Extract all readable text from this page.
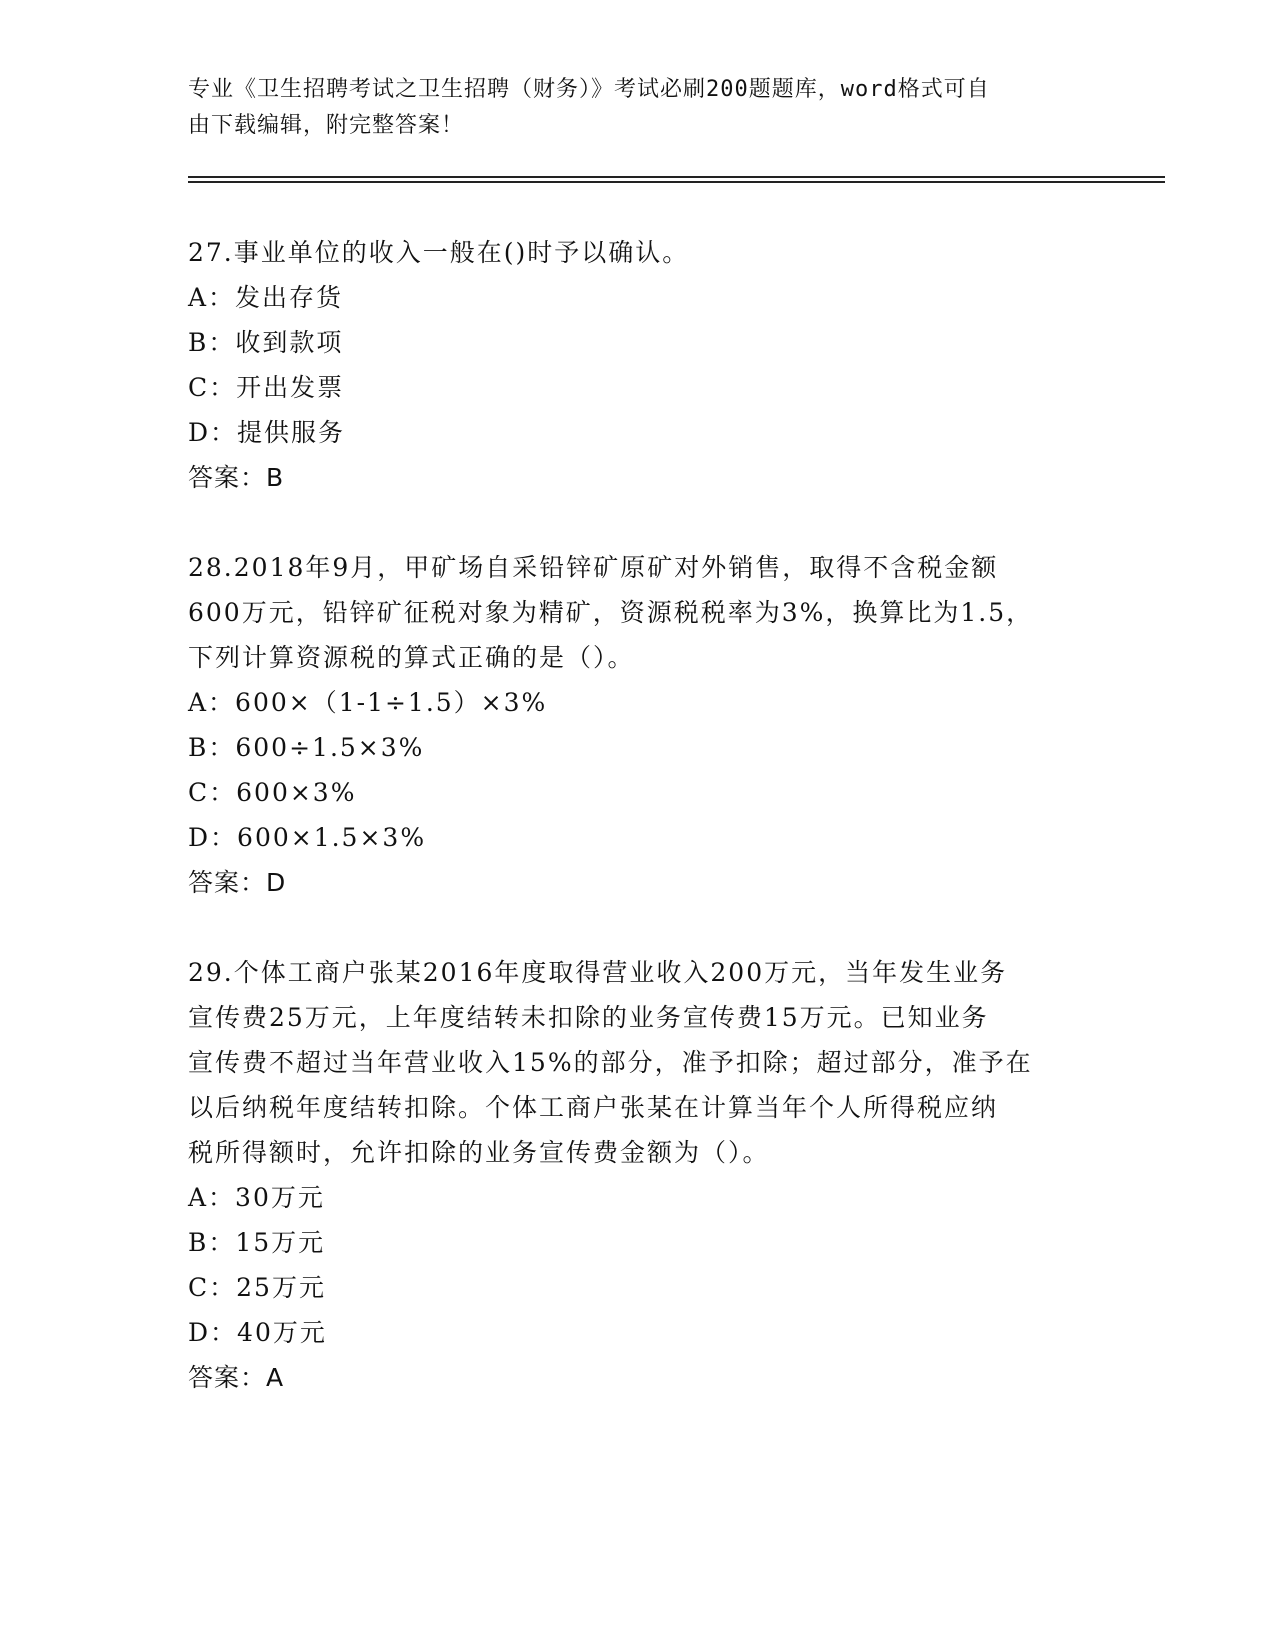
专业《卫生招聘考试之卫生招聘（财务）》考试必刷200题题库，word格式可自
由下载编辑，附完整答案！
27.事业单位的收入一般在()时予以确认。
A：发出存货
B：收到款项
C：开出发票
D：提供服务
答案：B
28.2018年9月，甲矿场自采铅锌矿原矿对外销售，取得不含税金额
600万元，铅锌矿征税对象为精矿，资源税税率为3%，换算比为1.5，
下列计算资源税的算式正确的是（）。
A：600×（1-1÷1.5）×3%
B：600÷1.5×3%
C：600×3%
D：600×1.5×3%
答案：D
29.个体工商户张某2016年度取得营业收入200万元，当年发生业务
宣传费25万元，上年度结转未扣除的业务宣传费15万元。已知业务
宣传费不超过当年营业收入15%的部分，准予扣除；超过部分，准予在
以后纳税年度结转扣除。个体工商户张某在计算当年个人所得税应纳
税所得额时，允许扣除的业务宣传费金额为（）。
A：30万元
B：15万元
C：25万元
D：40万元
答案：A
